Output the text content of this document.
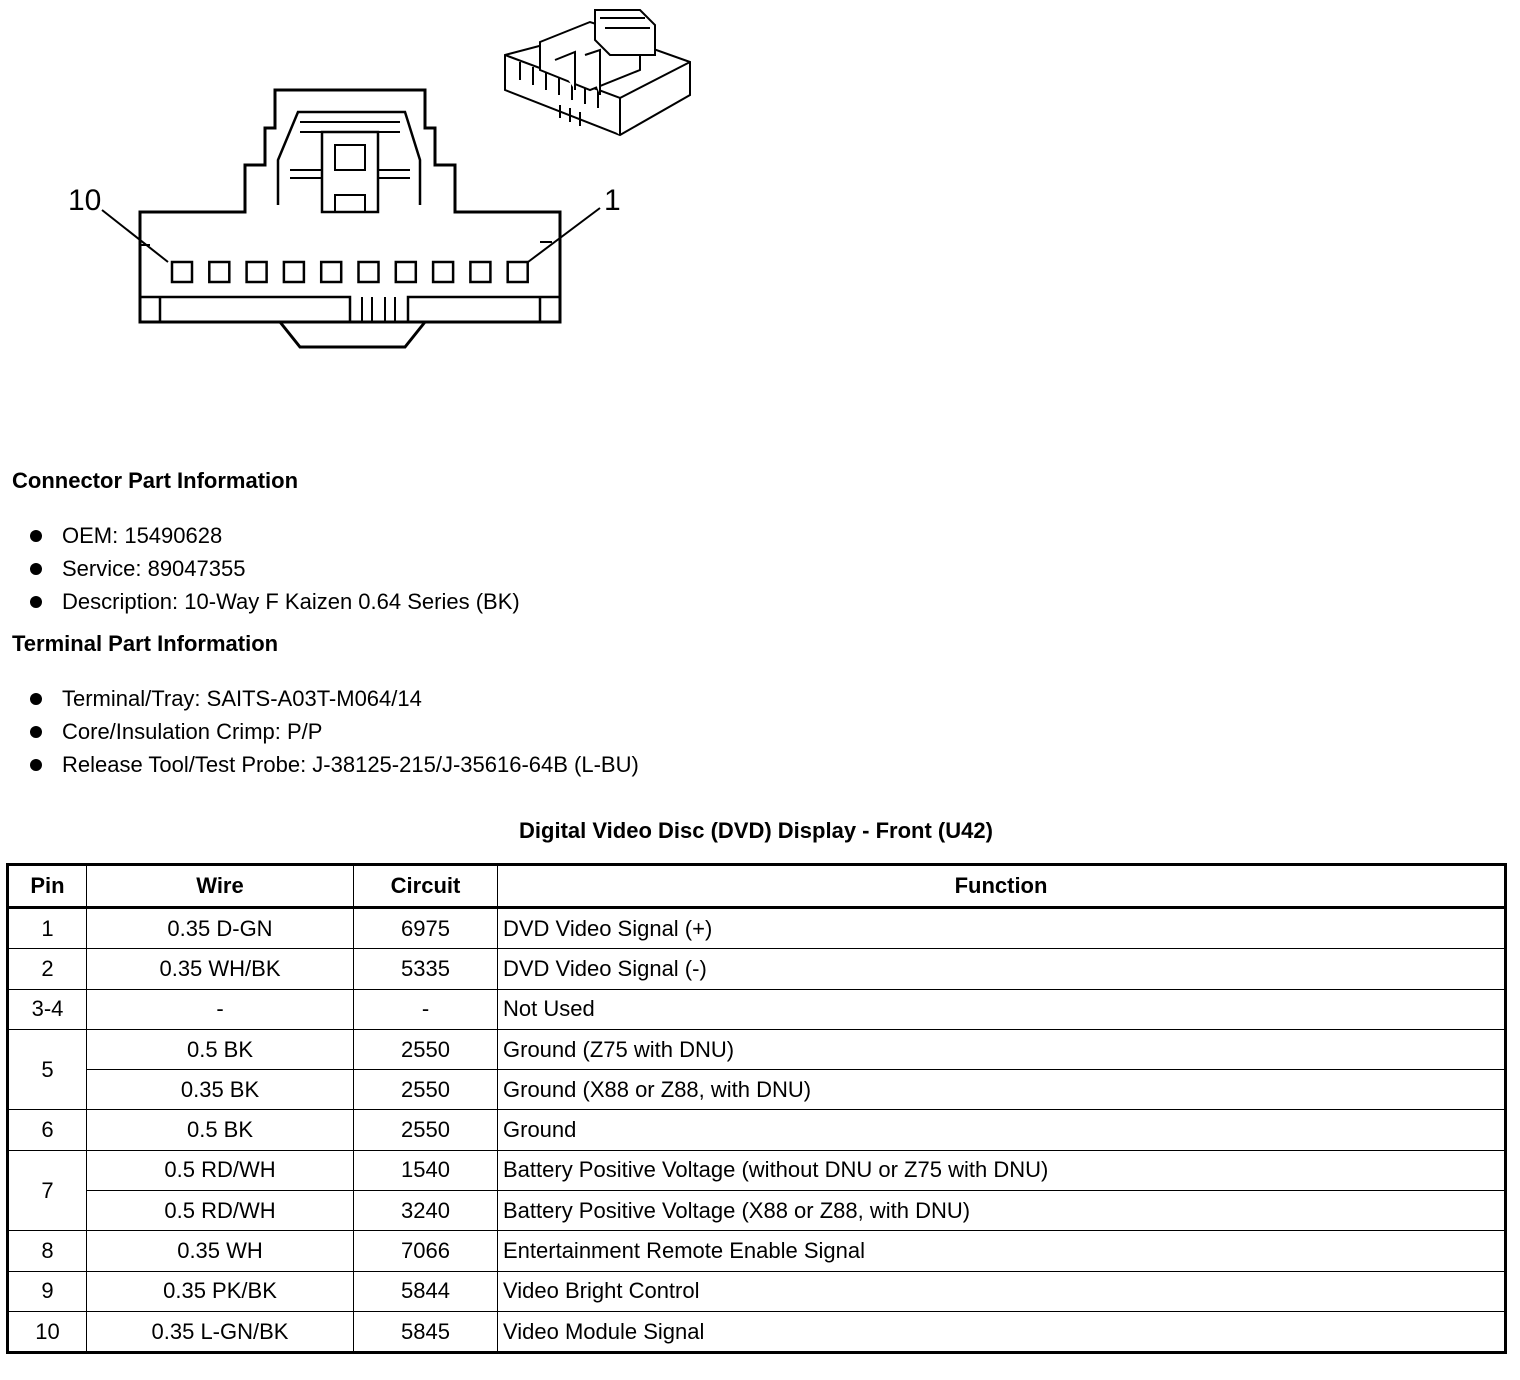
10	1
Connector Part Information
OEM: 15490628
Service: 89047355
Description: 10-Way F Kaizen 0.64 Series (BK)
Terminal Part Information
Terminal/Tray: SAITS-A03T-M064/14
Core/Insulation Crimp: P/P
Release Tool/Test Probe: J-38125-215/J-35616-64B (L-BU)
Digital Video Disc (DVD) Display - Front (U42)
Pin	Wire	Circuit	Function
1	0.35 D-GN	6975	DVD Video Signal (+)
2	0.35 WH/BK	5335	DVD Video Signal (-)
3-4	-	-	Not Used
5	0.5 BK	2550	Ground (Z75 with DNU)
	0.35 BK	2550	Ground (X88 or Z88, with DNU)
6	0.5 BK	2550	Ground
7	0.5 RD/WH	1540	Battery Positive Voltage (without DNU or Z75 with DNU)
	0.5 RD/WH	3240	Battery Positive Voltage (X88 or Z88, with DNU)
8	0.35 WH	7066	Entertainment Remote Enable Signal
9	0.35 PK/BK	5844	Video Bright Control
10	0.35 L-GN/BK	5845	Video Module Signal
